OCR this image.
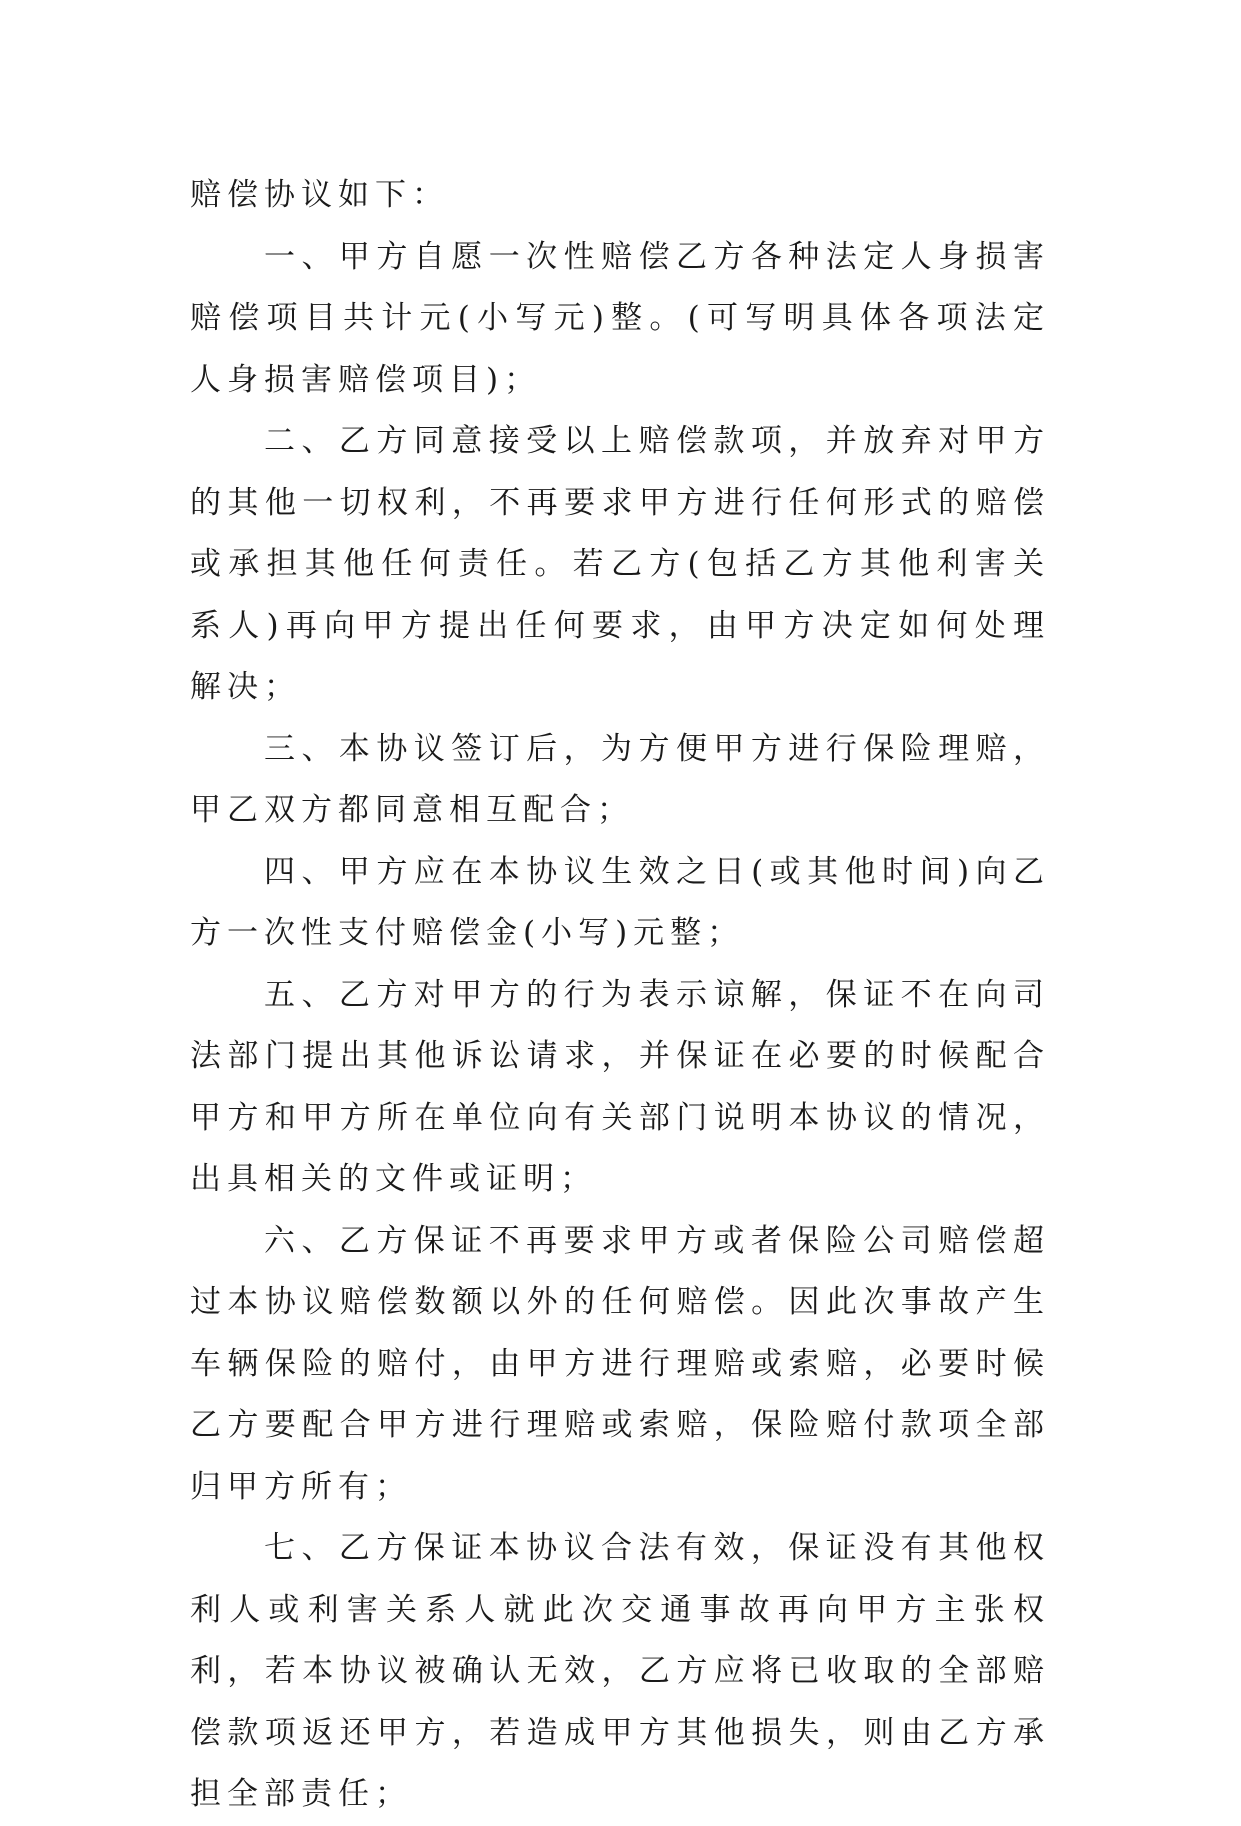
赔偿协议如下：

一、甲方自愿一次性赔偿乙方各种法定人身损害赔偿项目共计元(小写元)整。(可写明具体各项法定人身损害赔偿项目)；

二、乙方同意接受以上赔偿款项，并放弃对甲方的其他一切权利，不再要求甲方进行任何形式的赔偿或承担其他任何责任。若乙方(包括乙方其他利害关系人)再向甲方提出任何要求，由甲方决定如何处理解决；

三、本协议签订后，为方便甲方进行保险理赔，甲乙双方都同意相互配合；

四、甲方应在本协议生效之日(或其他时间)向乙方一次性支付赔偿金(小写)元整；

五、乙方对甲方的行为表示谅解，保证不在向司法部门提出其他诉讼请求，并保证在必要的时候配合甲方和甲方所在单位向有关部门说明本协议的情况，出具相关的文件或证明；

六、乙方保证不再要求甲方或者保险公司赔偿超过本协议赔偿数额以外的任何赔偿。因此次事故产生车辆保险的赔付，由甲方进行理赔或索赔，必要时候乙方要配合甲方进行理赔或索赔，保险赔付款项全部归甲方所有；

七、乙方保证本协议合法有效，保证没有其他权利人或利害关系人就此次交通事故再向甲方主张权利，若本协议被确认无效，乙方应将已收取的全部赔偿款项返还甲方，若造成甲方其他损失，则由乙方承担全部责任；
